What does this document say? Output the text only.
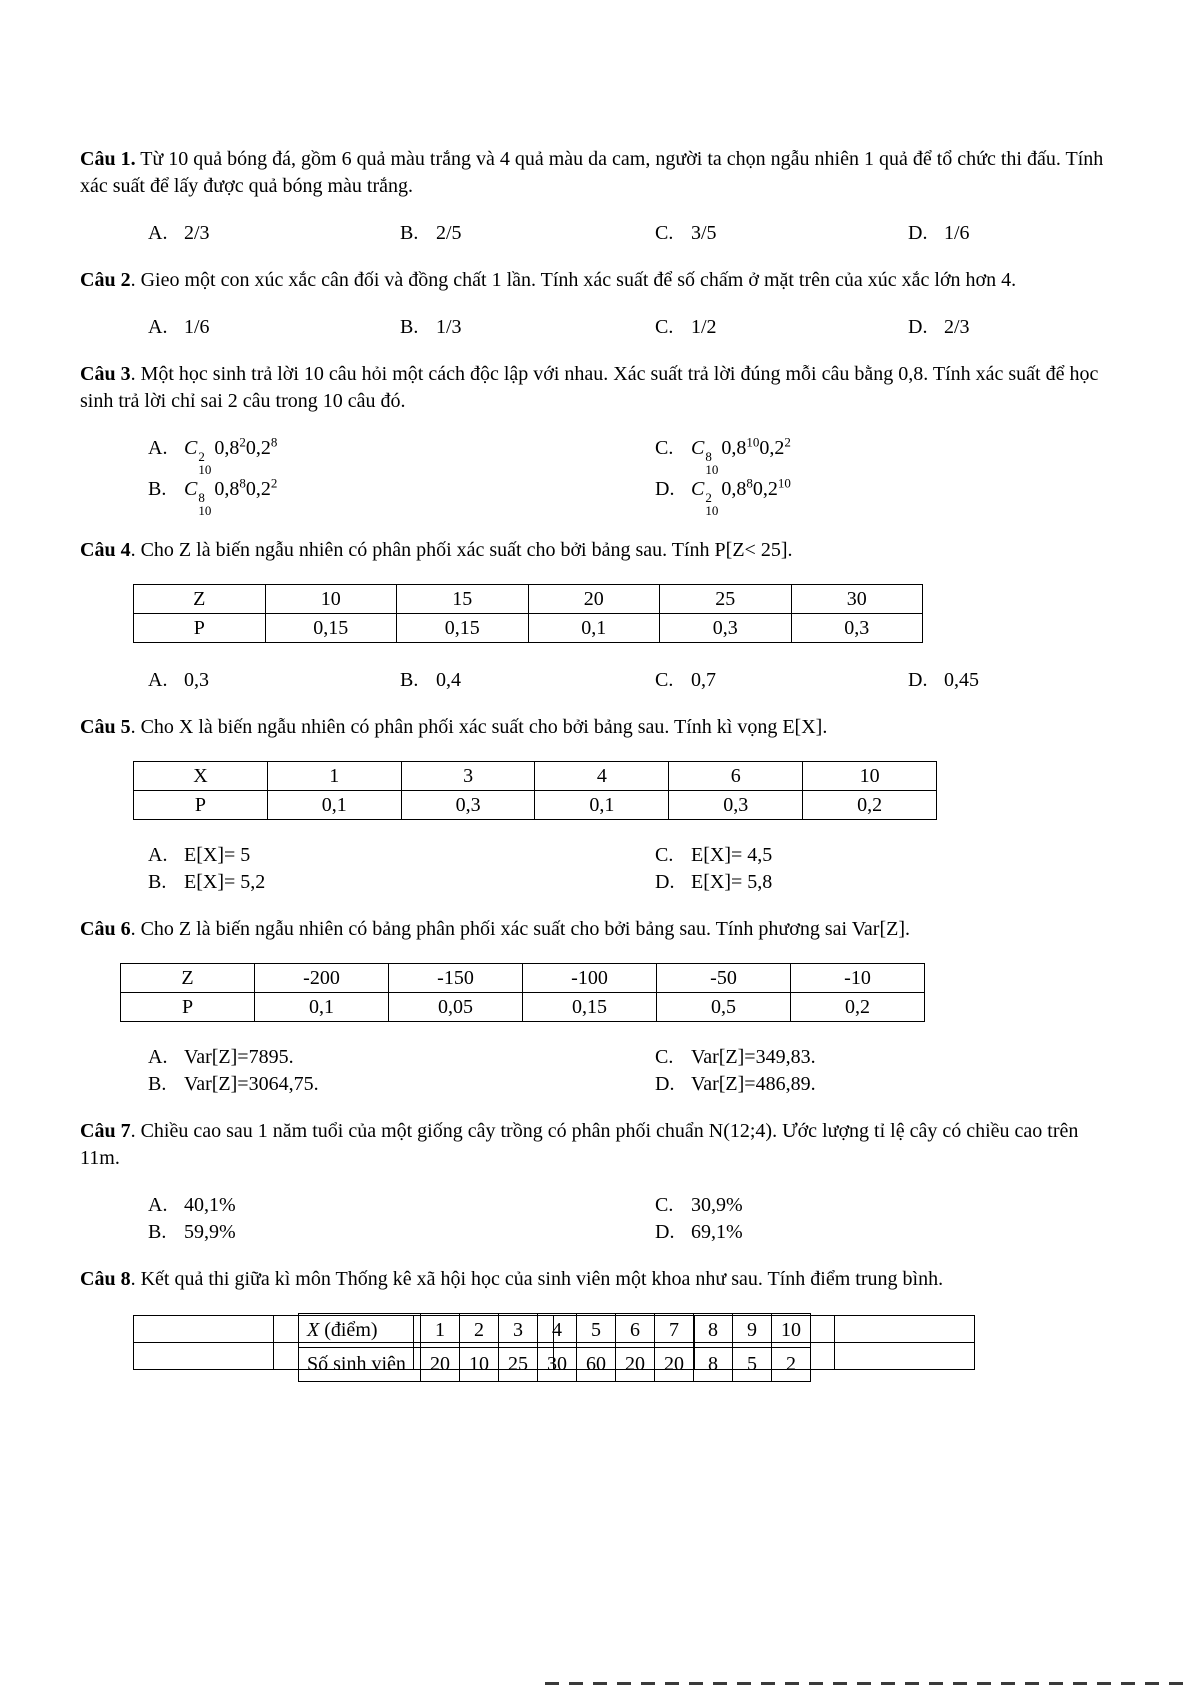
Câu 1. Từ 10 quả bóng đá, gồm 6 quả màu trắng và 4 quả màu da cam, người ta chọn ngẫu nhiên 1 quả để tổ chức thi đấu. Tính xác suất để lấy được quả bóng màu trắng.

A. 2/3	B. 2/5	C. 3/5	D. 1/6

Câu 2. Gieo một con xúc xắc cân đối và đồng chất 1 lần. Tính xác suất để số chấm ở mặt trên của xúc xắc lớn hơn 4.

A. 1/6	B. 1/3	C. 1/2	D. 2/3

Câu 3. Một học sinh trả lời 10 câu hỏi một cách độc lập với nhau. Xác suất trả lời đúng mỗi câu bằng 0,8. Tính xác suất để học sinh trả lời chỉ sai 2 câu trong 10 câu đó.

A. C 2
10
$0,8^20,2^8$
B. C 8
10
$0,8^80,2^2$
C. C 8
10
$0,8^{10}0,2^2$
D. C 2
10
$0,8^80,2^{10}$

Câu 4. Cho Z là biến ngẫu nhiên có phân phối xác suất cho bởi bảng sau. Tính P[Z< 25].

Z	10	15	20	25	30
P	0,15	0,15	0,1	0,3	0,3
A. 0,3	B. 0,4	C. 0,7	D. 0,45

Câu 5. Cho X là biến ngẫu nhiên có phân phối xác suất cho bởi bảng sau. Tính kì vọng E[X].

X	1	3	4	6	10
P	0,1	0,3	0,1	0,3	0,2
A. E[X]= 5
B. E[X]= 5,2
C. E[X]= 4,5
D. E[X]= 5,8

Câu 6. Cho Z là biến ngẫu nhiên có bảng phân phối xác suất cho bởi bảng sau. Tính phương sai Var[Z].

Z	-200	-150	-100	-50	-10
P	0,1	0,05	0,15	0,5	0,2
A. Var[Z]=7895.
B. Var[Z]=3064,75.
C. Var[Z]=349,83.
D. Var[Z]=486,89.

Câu 7. Chiều cao sau 1 năm tuổi của một giống cây trồng có phân phối chuẩn N(12;4). Ước lượng tỉ lệ cây có chiều cao trên 11m.

A. 40,1%
B. 59,9%
C. 30,9%
D. 69,1%

Câu 8. Kết quả thi giữa kì môn Thống kê xã hội học của sinh viên một khoa như sau. Tính điểm trung bình.

X (điểm)	1	2	3	4	5	6	7	8	9	10
Số sinh viên	20	10	25	30	60	20	20	8	5	2
